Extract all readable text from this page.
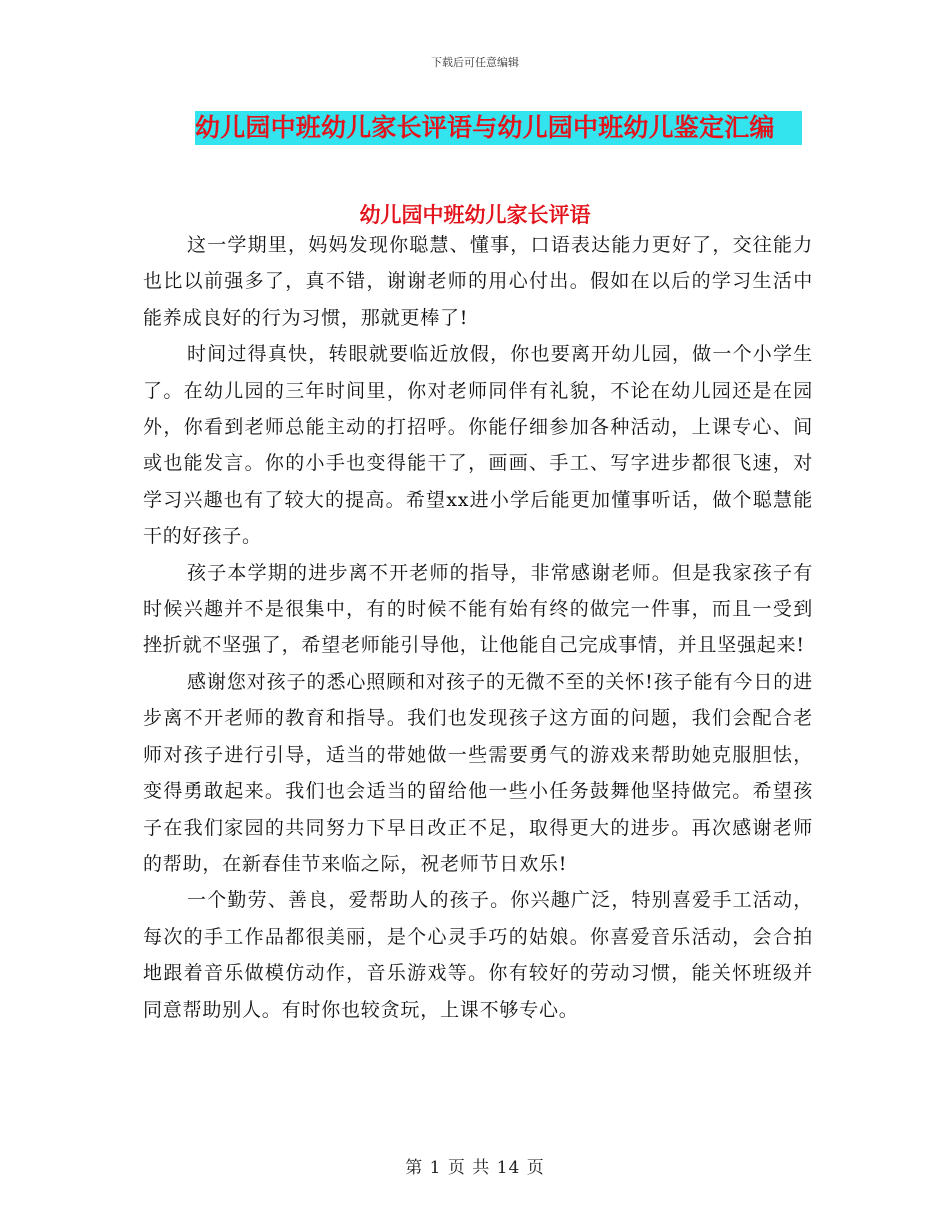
下载后可任意编辑
幼儿园中班幼儿家长评语与幼儿园中班幼儿鉴定汇编
幼儿园中班幼儿家长评语

这一学期里，妈妈发现你聪慧、懂事，口语表达能力更好了，交往能力也比以前强多了，真不错，谢谢老师的用心付出。假如在以后的学习生活中能养成良好的行为习惯，那就更棒了!

时间过得真快，转眼就要临近放假，你也要离开幼儿园，做一个小学生了。在幼儿园的三年时间里，你对老师同伴有礼貌，不论在幼儿园还是在园外，你看到老师总能主动的打招呼。你能仔细参加各种活动，上课专心、间或也能发言。你的小手也变得能干了，画画、手工、写字进步都很飞速，对学习兴趣也有了较大的提高。希望xx进小学后能更加懂事听话，做个聪慧能干的好孩子。

孩子本学期的进步离不开老师的指导，非常感谢老师。但是我家孩子有时候兴趣并不是很集中，有的时候不能有始有终的做完一件事，而且一受到挫折就不坚强了，希望老师能引导他，让他能自己完成事情，并且坚强起来!

感谢您对孩子的悉心照顾和对孩子的无微不至的关怀!孩子能有今日的进步离不开老师的教育和指导。我们也发现孩子这方面的问题，我们会配合老师对孩子进行引导，适当的带她做一些需要勇气的游戏来帮助她克服胆怯，变得勇敢起来。我们也会适当的留给他一些小任务鼓舞他坚持做完。希望孩子在我们家园的共同努力下早日改正不足，取得更大的进步。再次感谢老师的帮助，在新春佳节来临之际，祝老师节日欢乐!

一个勤劳、善良，爱帮助人的孩子。你兴趣广泛，特别喜爱手工活动，每次的手工作品都很美丽，是个心灵手巧的姑娘。你喜爱音乐活动，会合拍地跟着音乐做模仿动作，音乐游戏等。你有较好的劳动习惯，能关怀班级并同意帮助别人。有时你也较贪玩，上课不够专心。

第 1 页 共 14 页
